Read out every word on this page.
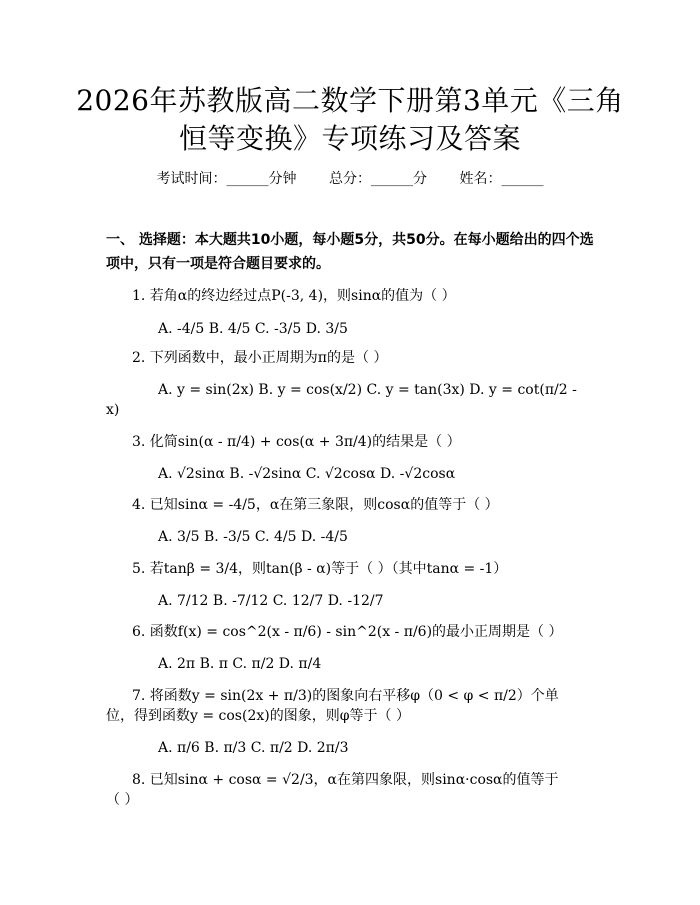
2026年苏教版高二数学下册第3单元《三角
恒等变换》专项练习及答案
考试时间：______分钟 总分：______分 姓名：______
一、 选择题：本大题共10小题，每小题5分，共50分。在每小题给出的四个选项中，只有一项是符合题目要求的。
1. 若角α的终边经过点P(-3, 4)，则sinα的值为（ ）
A. -4/5 B. 4/5 C. -3/5 D. 3/5
2. 下列函数中，最小正周期为π的是（ ）
A. y = sin(2x) B. y = cos(x/2) C. y = tan(3x) D. y = cot(π/2 -
x)
3. 化简sin(α - π/4) + cos(α + 3π/4)的结果是（ ）
A. √2sinα B. -√2sinα C. √2cosα D. -√2cosα
4. 已知sinα = -4/5，α在第三象限，则cosα的值等于（ ）
A. 3/5 B. -3/5 C. 4/5 D. -4/5
5. 若tanβ = 3/4，则tan(β - α)等于（ ）（其中tanα = -1）
A. 7/12 B. -7/12 C. 12/7 D. -12/7
6. 函数f(x) = cos^2(x - π/6) - sin^2(x - π/6)的最小正周期是（ ）
A. 2π B. π C. π/2 D. π/4
7. 将函数y = sin(2x + π/3)的图象向右平移φ（0 < φ < π/2）个单
位，得到函数y = cos(2x)的图象，则φ等于（ ）
A. π/6 B. π/3 C. π/2 D. 2π/3
8. 已知sinα + cosα = √2/3，α在第四象限，则sinα·cosα的值等于
（ ）
